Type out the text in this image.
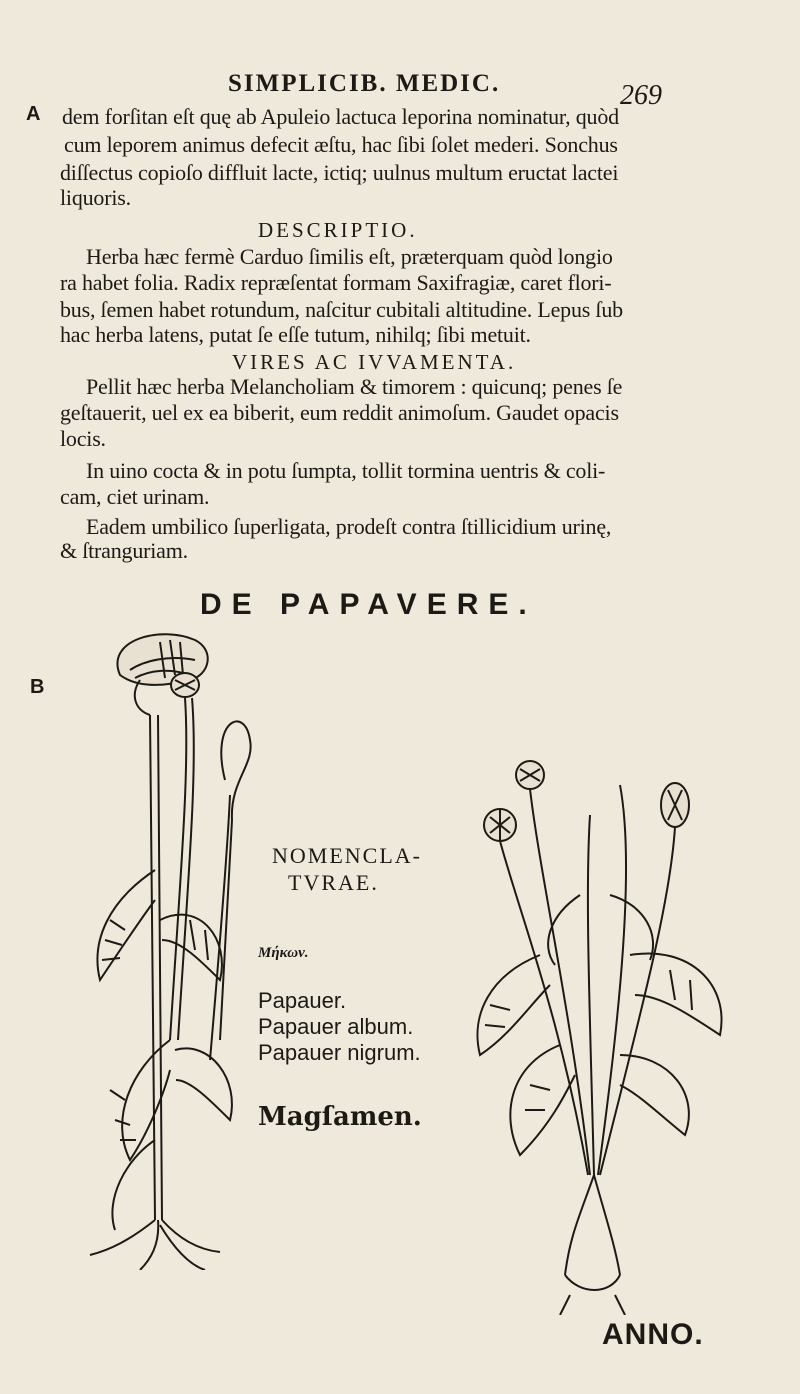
SIMPLICIB. MEDIC.	269
A
B
dem forſitan eſt quę ab Apuleio lactuca leporina nominatur, quòd
cum leporem animus defecit æſtu, hac ſibi ſolet mederi. Sonchus
diſſectus copioſo diffluit lacte, ictiq; uulnus multum eructat lactei
liquoris.
DESCRIPTIO.
Herba hæc fermè Carduo ſimilis eſt, præterquam quòd longio
ra habet folia. Radix repræſentat formam Saxifragiæ, caret flori-
bus, ſemen habet rotundum, naſcitur cubitali altitudine. Lepus ſub
hac herba latens, putat ſe eſſe tutum, nihilq; ſibi metuit.
VIRES AC IVVAMENTA.
Pellit hæc herba Melancholiam & timorem : quicunq; penes ſe
geſtauerit, uel ex ea biberit, eum reddit animoſum. Gaudet opacis
locis.
In uino cocta & in potu ſumpta, tollit tormina uentris & coli-
cam, ciet urinam.
Eadem umbilico ſuperligata, prodeſt contra ſtillicidium urinę,
& ſtranguriam.
DE PAPAVERE.
NOMENCLA-
TVRAE.
Μήκων.
Papauer.
Papauer album.
Papauer nigrum.
Magſamen.
ANNO.
